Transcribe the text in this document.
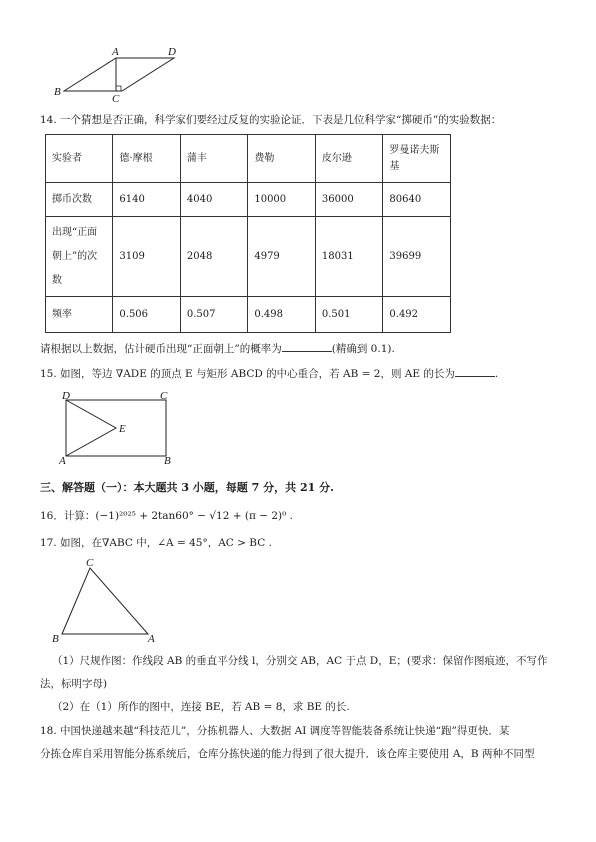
A	D
B
C
14. 一个猜想是否正确，科学家们要经过反复的实验论证．下表是几位科学家“掷硬币”的实验数据：
实验者	德·摩根	蒲丰	费勒	皮尔逊	罗曼诺夫斯基
掷币次数	6140	4040	10000	36000	80640
出现“正面朝上”的次数	3109	2048	4979	18031	39699
频率	0.506	0.507	0.498	0.501	0.492
请根据以上数据，估计硬币出现“正面朝上”的概率为	(精确到 0.1).
15. 如图，等边 ∇ADE 的顶点 E 与矩形 ABCD 的中心重合，若 AB = 2，则 AE 的长为	.
D	C
E
A	B
三、解答题（一）：本大题共 3 小题，每题 7 分，共 21 分.
16．计算：(−1)²⁰²⁵ + 2tan60° − √12 + (π − 2)⁰ .
17. 如图，在∇ABC 中，∠A = 45°，AC > BC .
C
B	A
（1）尺规作图：作线段 AB 的垂直平分线 l，分别交 AB，AC 于点 D，E；(要求：保留作图痕迹，不写作
法，标明字母)
（2）在（1）所作的图中，连接 BE，若 AB = 8，求 BE 的长.
18. 中国快递越来越“科技范儿”，分拣机器人、大数据 AI 调度等智能装备系统让快递“跑”得更快．某
分拣仓库自采用智能分拣系统后，仓库分拣快递的能力得到了很大提升．该仓库主要使用 A，B 两种不同型
